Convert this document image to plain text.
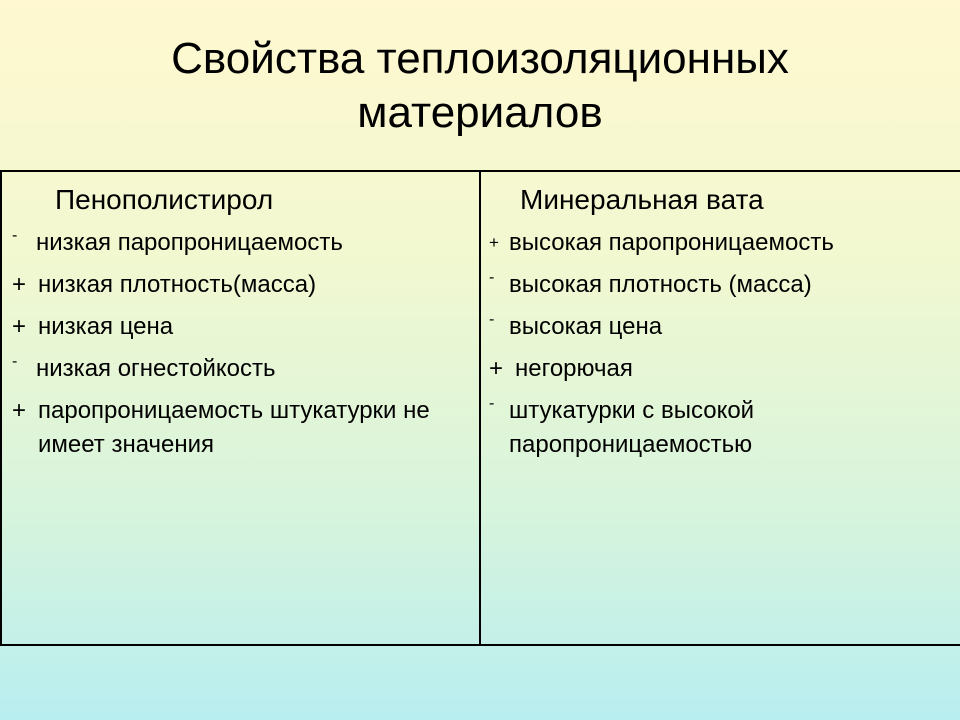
Свойства теплоизоляционных
материалов
Пенополистирол
- низкая паропроницаемость
+ низкая плотность(масса)
+ низкая цена
- низкая огнестойкость
+ паропроницаемость штукатурки не имеет значения
Минеральная вата
+ высокая паропроницаемость
- высокая плотность (масса)
- высокая цена
+ негорючая
- штукатурки с высокой паропроницаемостью
